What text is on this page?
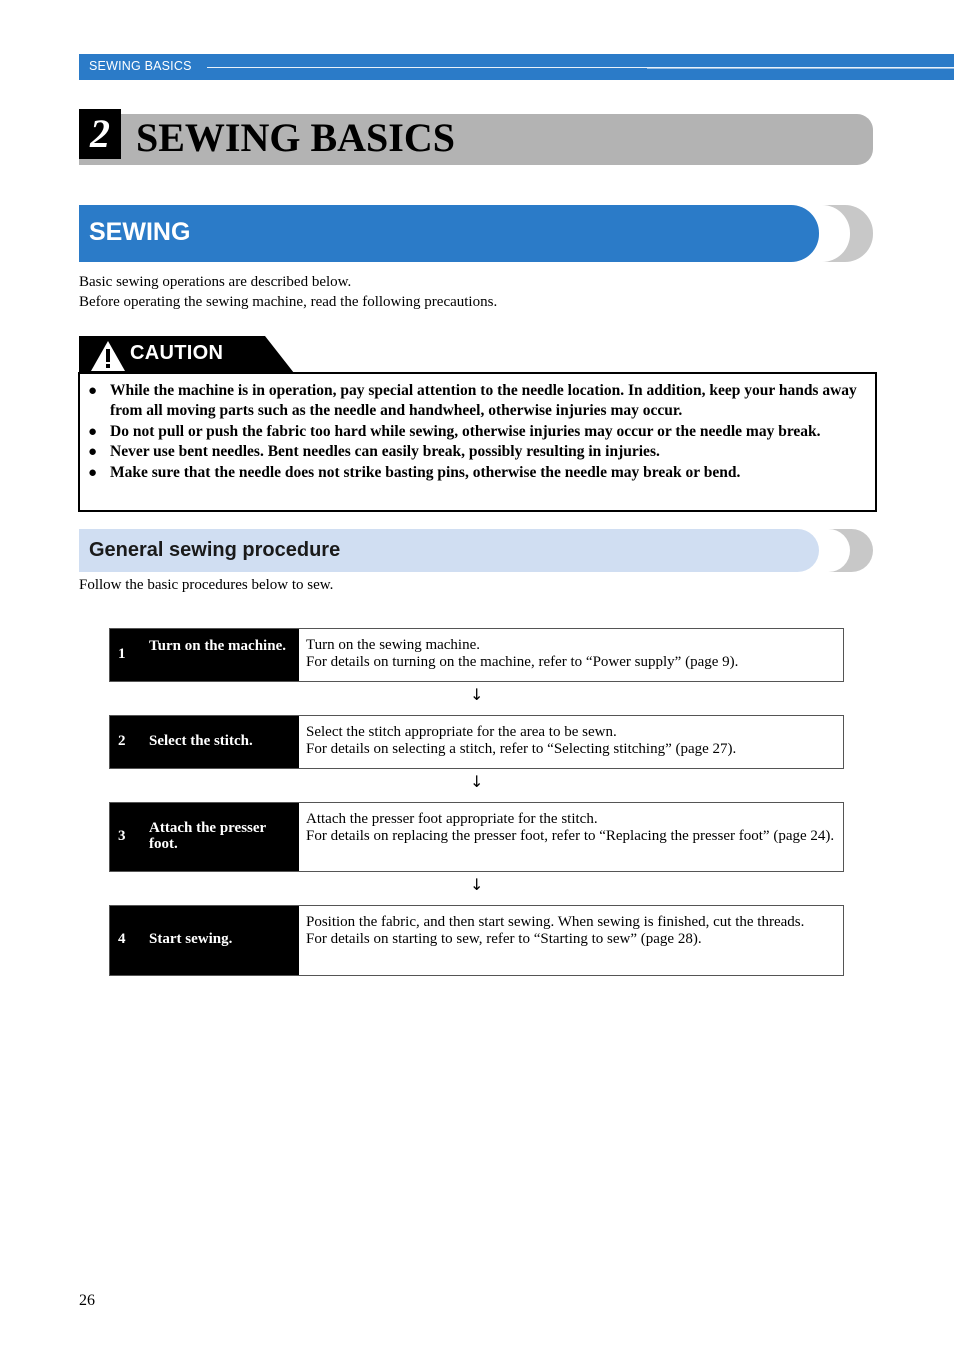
SEWING BASICS
2 SEWING BASICS
SEWING
Basic sewing operations are described below.
Before operating the sewing machine, read the following precautions.
CAUTION
● While the machine is in operation, pay special attention to the needle location. In addition, keep your hands away from all moving parts such as the needle and handwheel, otherwise injuries may occur.
● Do not pull or push the fabric too hard while sewing, otherwise injuries may occur or the needle may break.
● Never use bent needles. Bent needles can easily break, possibly resulting in injuries.
● Make sure that the needle does not strike basting pins, otherwise the needle may break or bend.
General sewing procedure
Follow the basic procedures below to sew.
1 Turn on the machine.	Turn on the sewing machine.
For details on turning on the machine, refer to “Power supply” (page 9).
↓
2 Select the stitch.
Select the stitch appropriate for the area to be sewn.
For details on selecting a stitch, refer to “Selecting stitching” (page 27).
↓
3 Attach the presser foot.
Attach the presser foot appropriate for the stitch.
For details on replacing the presser foot, refer to “Replacing the presser foot” (page 24).
↓
4 Start sewing.
Position the fabric, and then start sewing. When sewing is finished, cut the threads.
For details on starting to sew, refer to “Starting to sew” (page 28).
26
